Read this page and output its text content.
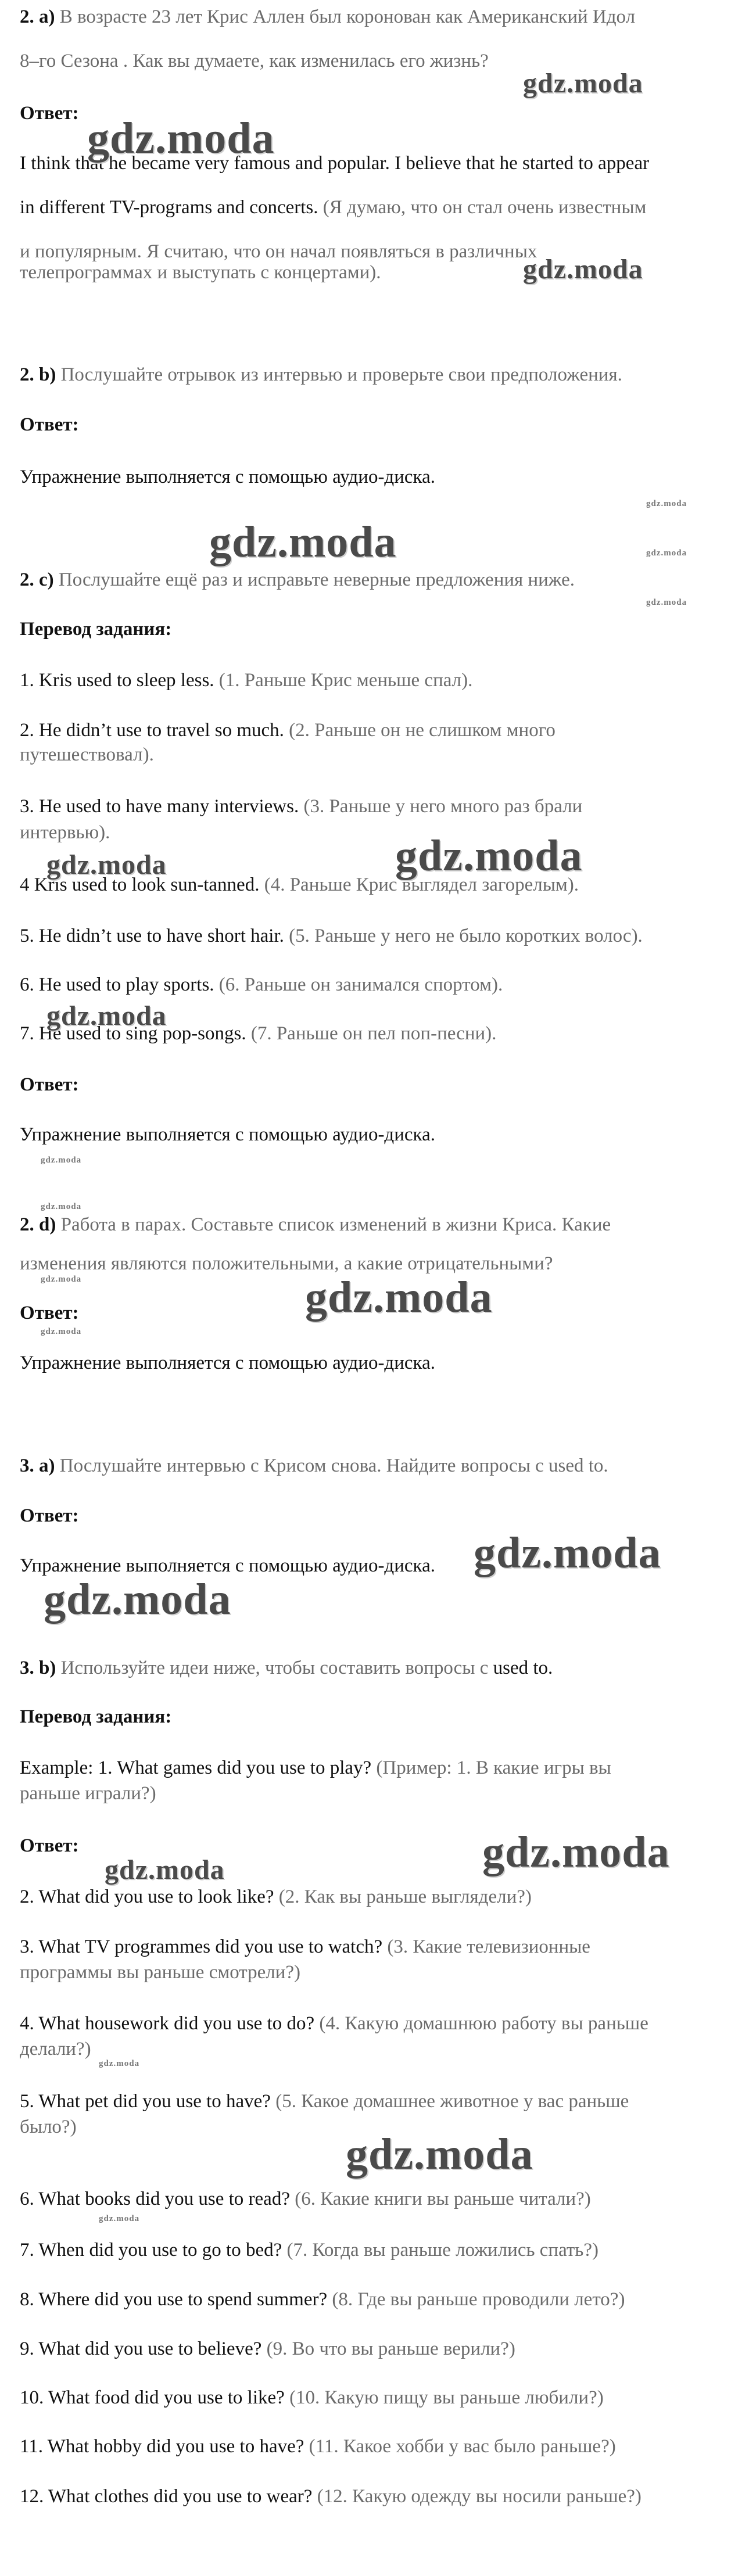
2. a) В возрасте 23 лет Крис Аллен был коронован как Американский Идол
8–го Сезона . Как вы думаете, как изменилась его жизнь?
Ответ:
I think that he became very famous and popular. I believe that he started to appear
in different TV-programs and concerts. (Я думаю, что он стал очень известным
и популярным. Я считаю, что он начал появляться в различных
телепрограммах и выступать с концертами).
2. b) Послушайте отрывок из интервью и проверьте свои предположения.
Ответ:
Упражнение выполняется с помощью аудио-диска.
2. c) Послушайте ещё раз и исправьте неверные предложения ниже.
Перевод задания:
1. Kris used to sleep less. (1. Раньше Крис меньше спал).
2. He didn’t use to travel so much. (2. Раньше он не слишком много
путешествовал).
3. He used to have many interviews. (3. Раньше у него много раз брали
интервью).
4 Kris used to look sun-tanned. (4. Раньше Крис выглядел загорелым).
5. He didn’t use to have short hair. (5. Раньше у него не было коротких волос).
6. He used to play sports. (6. Раньше он занимался спортом).
7. He used to sing pop-songs. (7. Раньше он пел поп-песни).
Ответ:
Упражнение выполняется с помощью аудио-диска.
2. d) Работа в парах. Составьте список изменений в жизни Криса. Какие
изменения являются положительными, а какие отрицательными?
Ответ:
Упражнение выполняется с помощью аудио-диска.
3. a) Послушайте интервью с Крисом снова. Найдите вопросы с used to.
Ответ:
Упражнение выполняется с помощью аудио-диска.
3. b) Используйте идеи ниже, чтобы составить вопросы с used to.
Перевод задания:
Example: 1. What games did you use to play? (Пример: 1. В какие игры вы
раньше играли?)
Ответ:
2. What did you use to look like? (2. Как вы раньше выглядели?)
3. What TV programmes did you use to watch? (3. Какие телевизионные
программы вы раньше смотрели?)
4. What housework did you use to do? (4. Какую домашнюю работу вы раньше
делали?)
5. What pet did you use to have? (5. Какое домашнее животное у вас раньше
было?)
6. What books did you use to read? (6. Какие книги вы раньше читали?)
7. When did you use to go to bed? (7. Когда вы раньше ложились спать?)
8. Where did you use to spend summer? (8. Где вы раньше проводили лето?)
9. What did you use to believe? (9. Во что вы раньше верили?)
10. What food did you use to like? (10. Какую пищу вы раньше любили?)
11. What hobby did you use to have? (11. Какое хобби у вас было раньше?)
12. What clothes did you use to wear? (12. Какую одежду вы носили раньше?)
gdz.moda
gdz.moda
gdz.moda
gdz.moda
gdz.moda
gdz.moda
gdz.moda
gdz.moda
gdz.moda
gdz.moda
gdz.moda
gdz.moda
gdz.moda
gdz.moda
gdz.moda
gdz.moda
gdz.moda
gdz.moda
gdz.moda
gdz.moda
gdz.moda
gdz.moda
